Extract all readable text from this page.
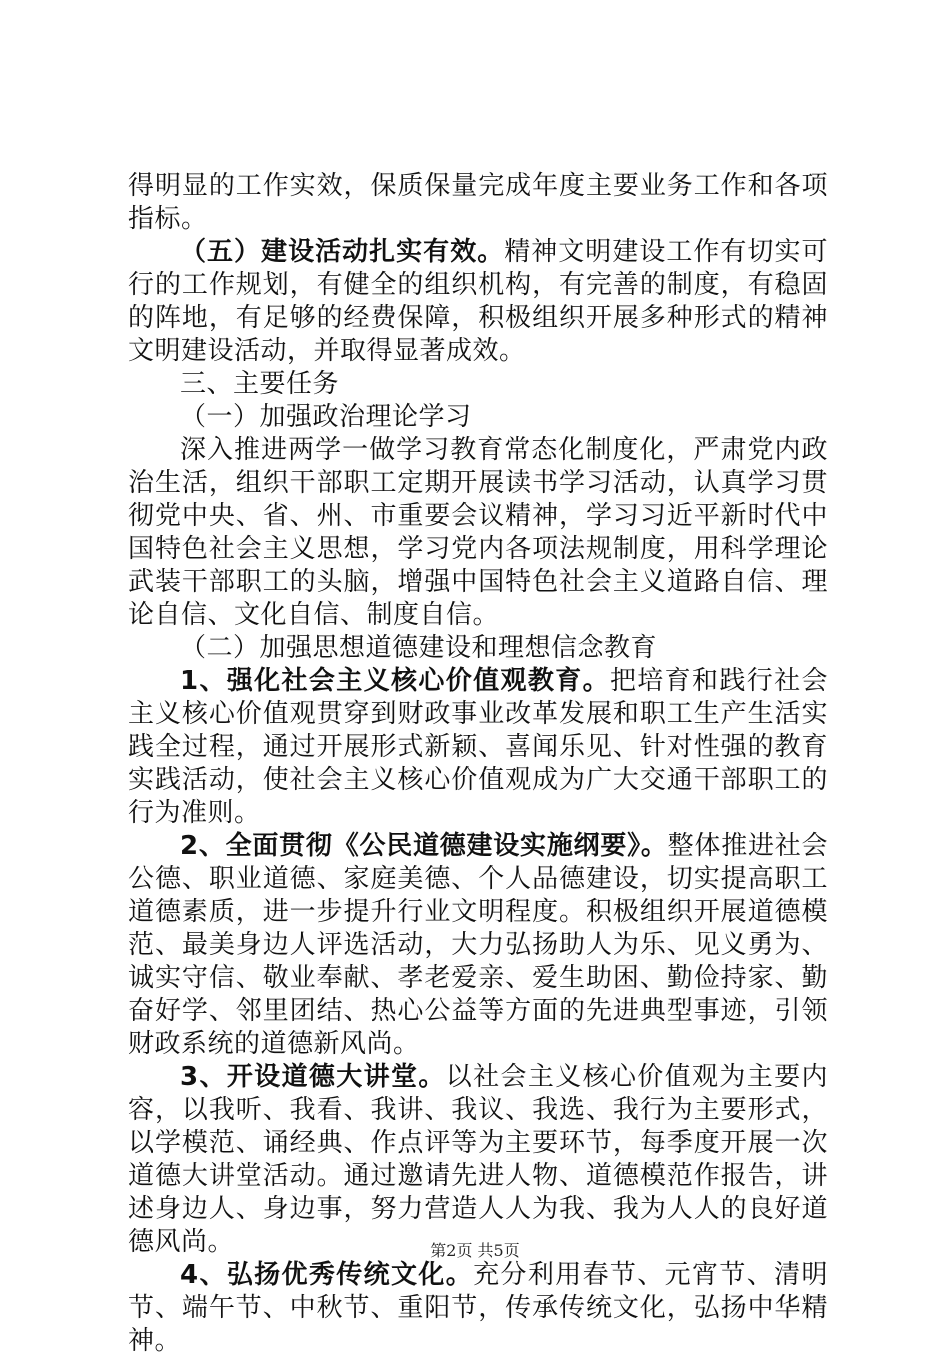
得明显的工作实效，保质保量完成年度主要业务工作和各项指标。

（五）建设活动扎实有效。精神文明建设工作有切实可行的工作规划，有健全的组织机构，有完善的制度，有稳固的阵地，有足够的经费保障，积极组织开展多种形式的精神文明建设活动，并取得显著成效。

三、主要任务

（一）加强政治理论学习

深入推进两学一做学习教育常态化制度化，严肃党内政治生活，组织干部职工定期开展读书学习活动，认真学习贯彻党中央、省、州、市重要会议精神，学习习近平新时代中国特色社会主义思想，学习党内各项法规制度，用科学理论武装干部职工的头脑，增强中国特色社会主义道路自信、理论自信、文化自信、制度自信。

（二）加强思想道德建设和理想信念教育

1、强化社会主义核心价值观教育。把培育和践行社会主义核心价值观贯穿到财政事业改革发展和职工生产生活实践全过程，通过开展形式新颖、喜闻乐见、针对性强的教育实践活动，使社会主义核心价值观成为广大交通干部职工的行为准则。

2、全面贯彻《公民道德建设实施纲要》。整体推进社会公德、职业道德、家庭美德、个人品德建设，切实提高职工道德素质，进一步提升行业文明程度。积极组织开展道德模范、最美身边人评选活动，大力弘扬助人为乐、见义勇为、诚实守信、敬业奉献、孝老爱亲、爱生助困、勤俭持家、勤奋好学、邻里团结、热心公益等方面的先进典型事迹，引领财政系统的道德新风尚。

3、开设道德大讲堂。以社会主义核心价值观为主要内容，以我听、我看、我讲、我议、我选、我行为主要形式，以学模范、诵经典、作点评等为主要环节，每季度开展一次道德大讲堂活动。通过邀请先进人物、道德模范作报告，讲述身边人、身边事，努力营造人人为我、我为人人的良好道德风尚。

4、弘扬优秀传统文化。充分利用春节、元宵节、清明节、端午节、中秋节、重阳节，传承传统文化，弘扬中华精神。

第2页 共5页
